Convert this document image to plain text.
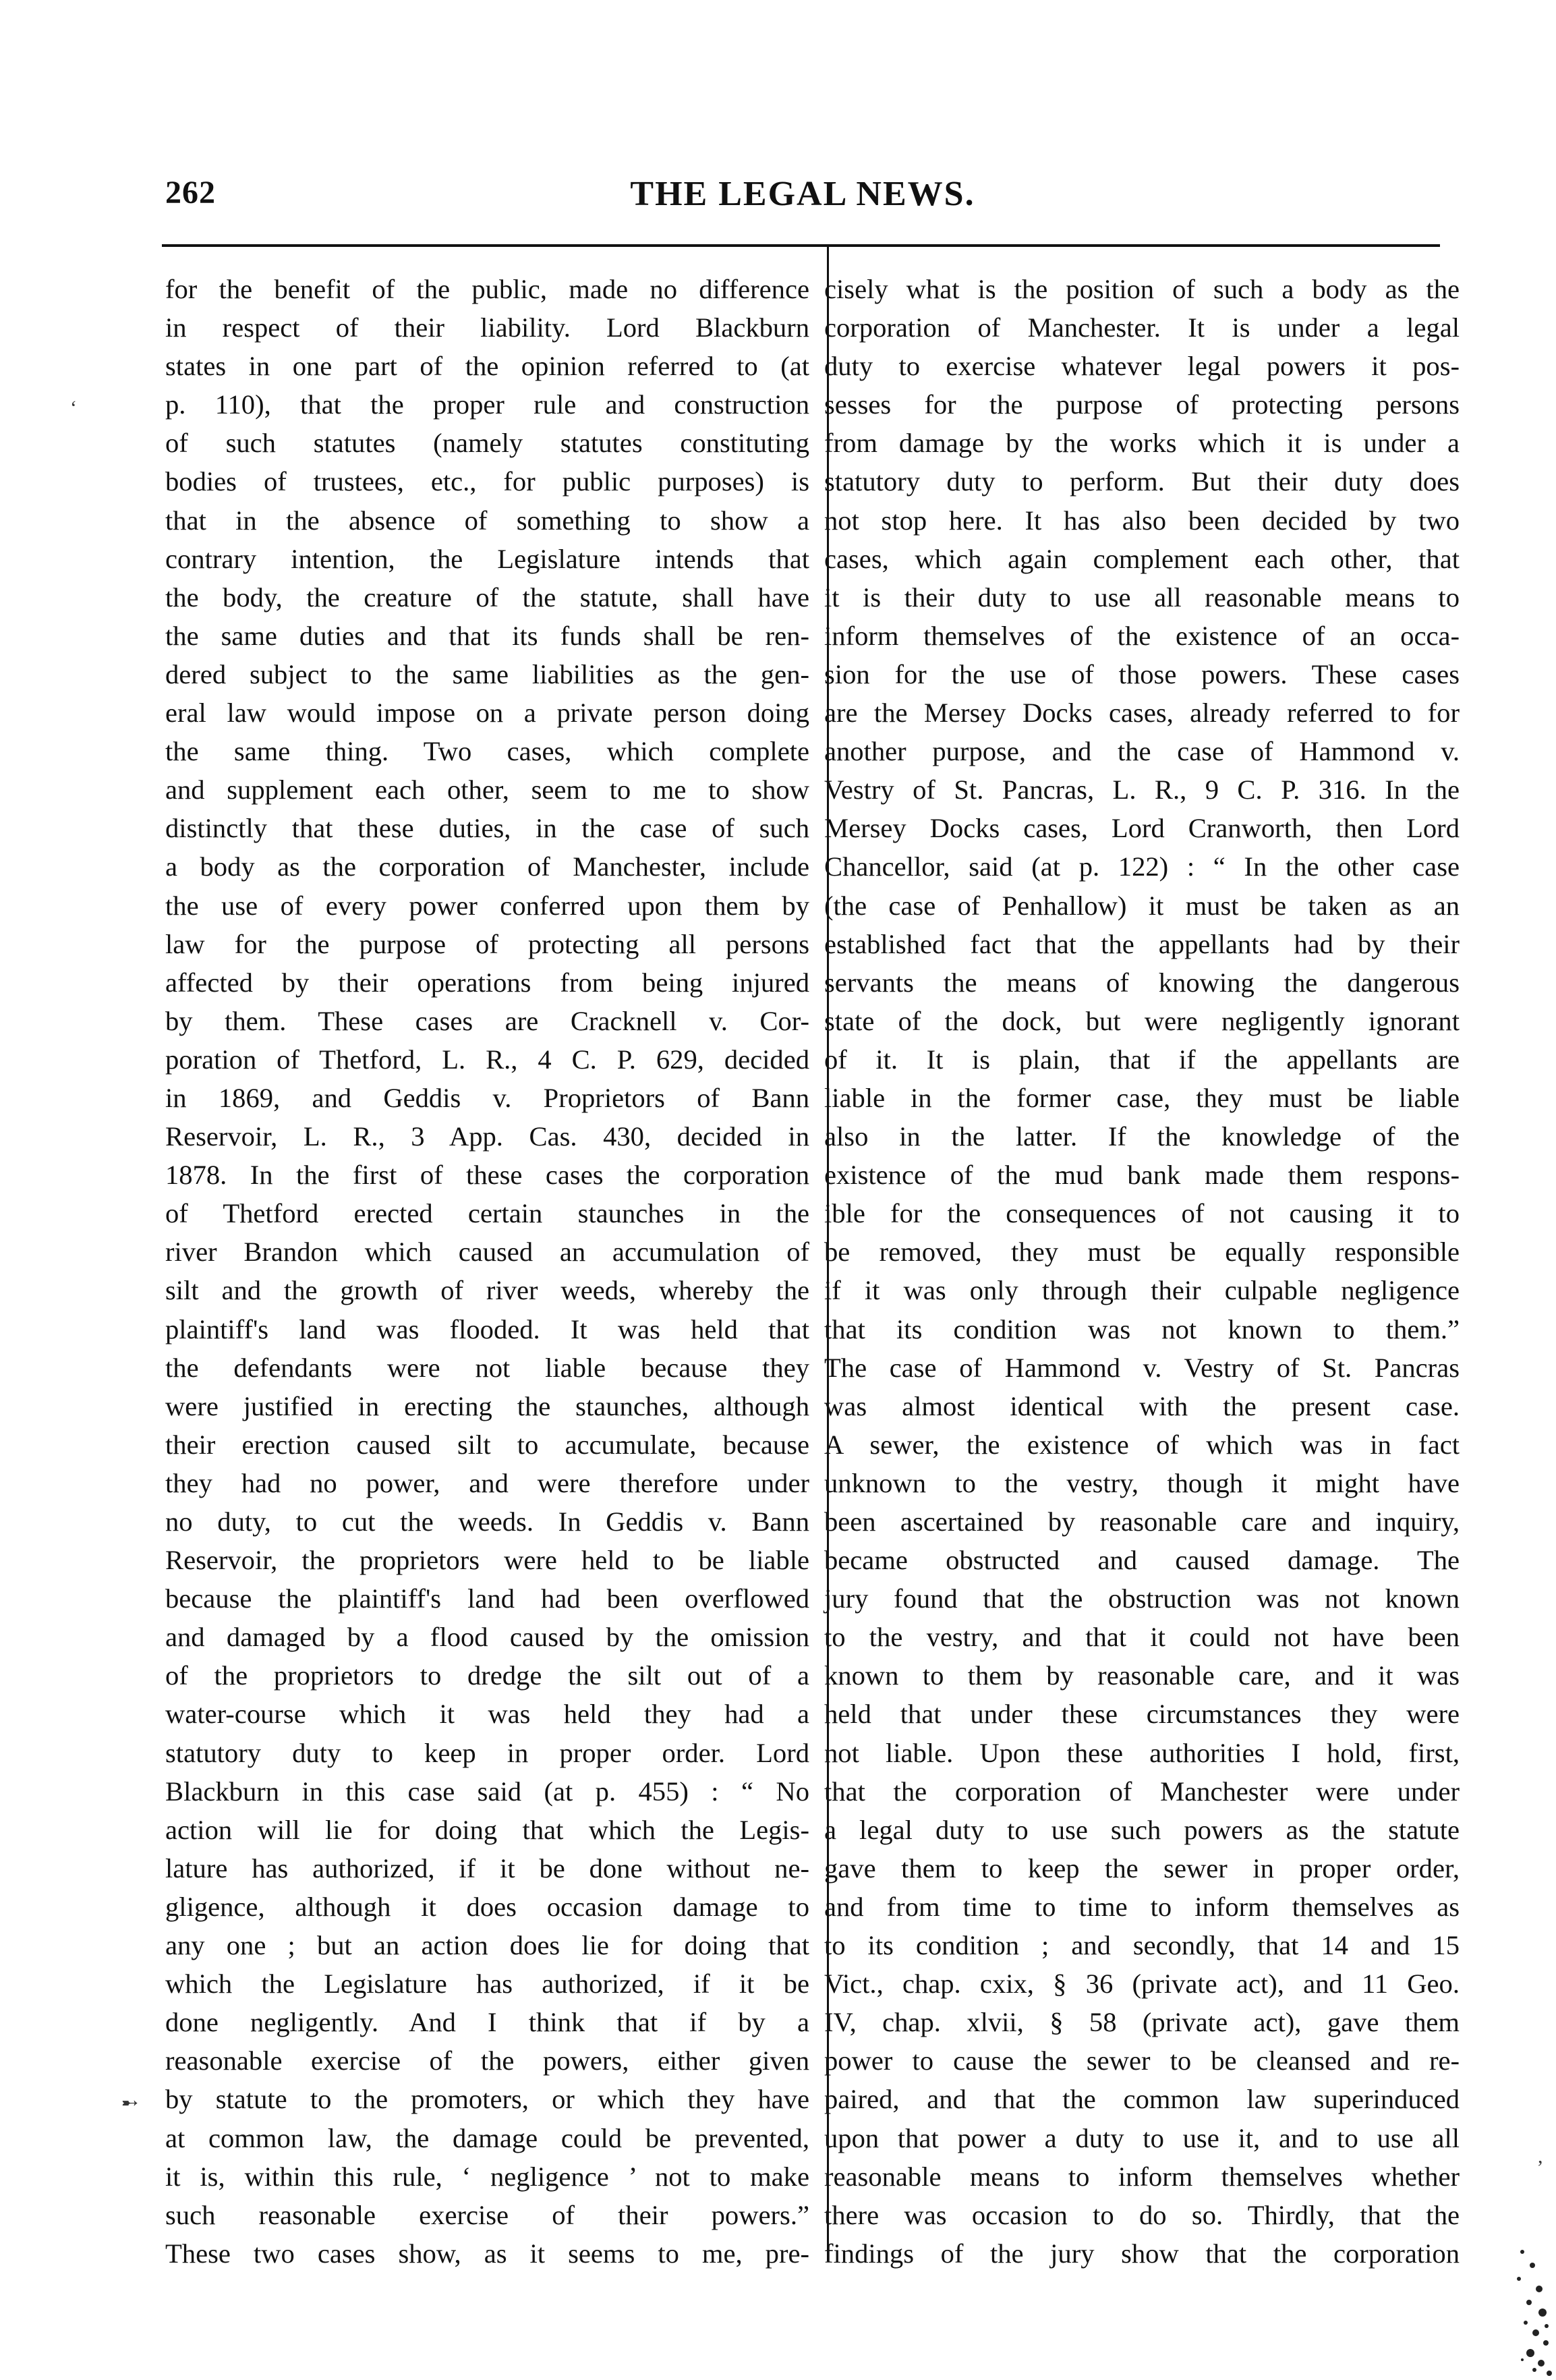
262	THE LEGAL NEWS.
for the benefit of the public, made no difference
in respect of their liability. Lord Blackburn
states in one part of the opinion referred to (at
p. 110), that the proper rule and construction
of such statutes (namely statutes constituting
bodies of trustees, etc., for public purposes) is
that in the absence of something to show a
contrary intention, the Legislature intends that
the body, the creature of the statute, shall have
the same duties and that its funds shall be ren-
dered subject to the same liabilities as the gen-
eral law would impose on a private person doing
the same thing. Two cases, which complete
and supplement each other, seem to me to show
distinctly that these duties, in the case of such
a body as the corporation of Manchester, include
the use of every power conferred upon them by
law for the purpose of protecting all persons
affected by their operations from being injured
by them. These cases are Cracknell v. Cor-
poration of Thetford, L. R., 4 C. P. 629, decided
in 1869, and Geddis v. Proprietors of Bann
Reservoir, L. R., 3 App. Cas. 430, decided in
1878. In the first of these cases the corporation
of Thetford erected certain staunches in the
river Brandon which caused an accumulation of
silt and the growth of river weeds, whereby the
plaintiff's land was flooded. It was held that
the defendants were not liable because they
were justified in erecting the staunches, although
their erection caused silt to accumulate, because
they had no power, and were therefore under
no duty, to cut the weeds. In Geddis v. Bann
Reservoir, the proprietors were held to be liable
because the plaintiff's land had been overflowed
and damaged by a flood caused by the omission
of the proprietors to dredge the silt out of a
water-course which it was held they had a
statutory duty to keep in proper order. Lord
Blackburn in this case said (at p. 455) : “ No
action will lie for doing that which the Legis-
lature has authorized, if it be done without ne-
gligence, although it does occasion damage to
any one ; but an action does lie for doing that
which the Legislature has authorized, if it be
done negligently. And I think that if by a
reasonable exercise of the powers, either given
by statute to the promoters, or which they have
at common law, the damage could be prevented,
it is, within this rule, ‘ negligence ’ not to make
such reasonable exercise of their powers.”
These two cases show, as it seems to me, pre-
cisely what is the position of such a body as the
corporation of Manchester. It is under a legal
duty to exercise whatever legal powers it pos-
sesses for the purpose of protecting persons
from damage by the works which it is under a
statutory duty to perform. But their duty does
not stop here. It has also been decided by two
cases, which again complement each other, that
it is their duty to use all reasonable means to
inform themselves of the existence of an occa-
sion for the use of those powers. These cases
are the Mersey Docks cases, already referred to for
another purpose, and the case of Hammond v.
Vestry of St. Pancras, L. R., 9 C. P. 316. In the
Mersey Docks cases, Lord Cranworth, then Lord
Chancellor, said (at p. 122) : “ In the other case
(the case of Penhallow) it must be taken as an
established fact that the appellants had by their
servants the means of knowing the dangerous
state of the dock, but were negligently ignorant
of it. It is plain, that if the appellants are
liable in the former case, they must be liable
also in the latter. If the knowledge of the
existence of the mud bank made them respons-
ible for the consequences of not causing it to
be removed, they must be equally responsible
if it was only through their culpable negligence
that its condition was not known to them.”
The case of Hammond v. Vestry of St. Pancras
was almost identical with the present case.
A sewer, the existence of which was in fact
unknown to the vestry, though it might have
been ascertained by reasonable care and inquiry,
became obstructed and caused damage. The
jury found that the obstruction was not known
to the vestry, and that it could not have been
known to them by reasonable care, and it was
held that under these circumstances they were
not liable. Upon these authorities I hold, first,
that the corporation of Manchester were under
a legal duty to use such powers as the statute
gave them to keep the sewer in proper order,
and from time to time to inform themselves as
to its condition ; and secondly, that 14 and 15
Vict., chap. cxix, § 36 (private act), and 11 Geo.
IV, chap. xlvii, § 58 (private act), gave them
power to cause the sewer to be cleansed and re-
paired, and that the common law superinduced
upon that power a duty to use it, and to use all
reasonable means to inform themselves whether
there was occasion to do so. Thirdly, that the
findings of the jury show that the corporation
‘
➸
,
